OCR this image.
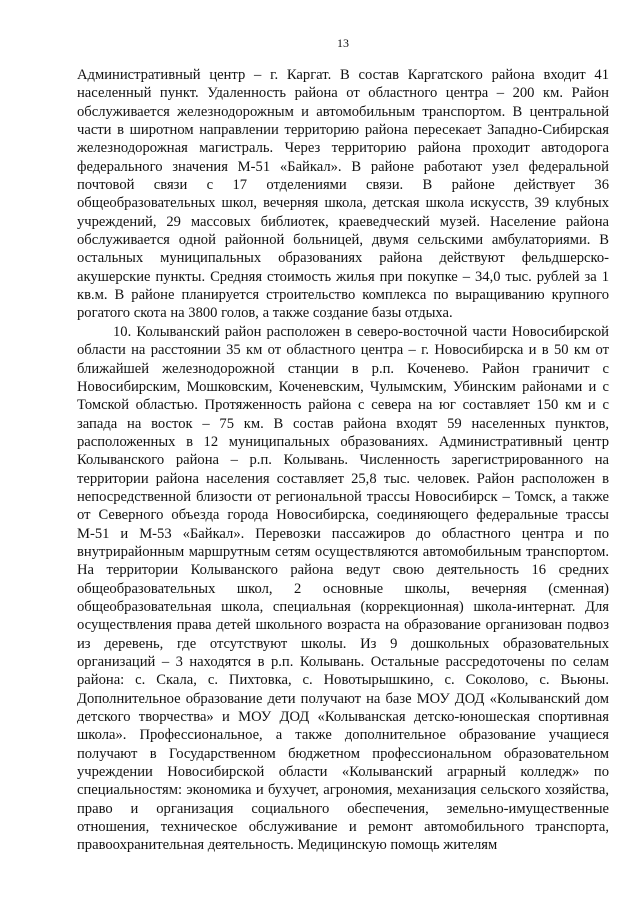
13

Административный центр – г. Каргат. В состав Каргатского района входит 41 населенный пункт. Удаленность района от областного центра – 200 км. Район обслуживается железнодорожным и автомобильным транспортом. В центральной части в широтном направлении территорию района пересекает Западно-Сибирская железнодорожная магистраль. Через территорию района проходит автодорога федерального значения М-51 «Байкал». В районе работают узел федеральной почтовой связи с 17 отделениями связи. В районе действует 36 общеобразовательных школ, вечерняя школа, детская школа искусств, 39 клубных учреждений, 29 массовых библиотек, краеведческий музей. Население района обслуживается одной районной больницей, двумя сельскими амбулаториями. В остальных муниципальных образованиях района действуют фельдшерско-акушерские пункты. Средняя стоимость жилья при покупке – 34,0 тыс. рублей за 1 кв.м. В районе планируется строительство комплекса по выращиванию крупного рогатого скота на 3800 голов, а также создание базы отдыха.

10. Колыванский район расположен в северо-восточной части Новосибирской области на расстоянии 35 км от областного центра – г. Новосибирска и в 50 км от ближайшей железнодорожной станции в р.п. Коченево. Район граничит с Новосибирским, Мошковским, Коченевским, Чулымским, Убинским районами и с Томской областью. Протяженность района с севера на юг составляет 150 км и с запада на восток – 75 км. В состав района входят 59 населенных пунктов, расположенных в 12 муниципальных образованиях. Административный центр Колыванского района – р.п. Колывань. Численность зарегистрированного на территории района населения составляет 25,8 тыс. человек. Район расположен в непосредственной близости от региональной трассы Новосибирск – Томск, а также от Северного объезда города Новосибирска, соединяющего федеральные трассы М-51 и М-53 «Байкал». Перевозки пассажиров до областного центра и по внутрирайонным маршрутным сетям осуществляются автомобильным транспортом. На территории Колыванского района ведут свою деятельность 16 средних общеобразовательных школ, 2 основные школы, вечерняя (сменная) общеобразовательная школа, специальная (коррекционная) школа-интернат. Для осуществления права детей школьного возраста на образование организован подвоз из деревень, где отсутствуют школы. Из 9 дошкольных образовательных организаций – 3 находятся в р.п. Колывань. Остальные рассредоточены по селам района: с. Скала, с. Пихтовка, с. Новотырышкино, с. Соколово, с. Вьюны. Дополнительное образование дети получают на базе МОУ ДОД «Колыванский дом детского творчества» и МОУ ДОД «Колыванская детско-юношеская спортивная школа». Профессиональное, а также дополнительное образование учащиеся получают в Государственном бюджетном профессиональном образовательном учреждении Новосибирской области «Колыванский аграрный колледж» по специальностям: экономика и бухучет, агрономия, механизация сельского хозяйства, право и организация социального обеспечения, земельно-имущественные отношения, техническое обслуживание и ремонт автомобильного транспорта, правоохранительная деятельность. Медицинскую помощь жителям
